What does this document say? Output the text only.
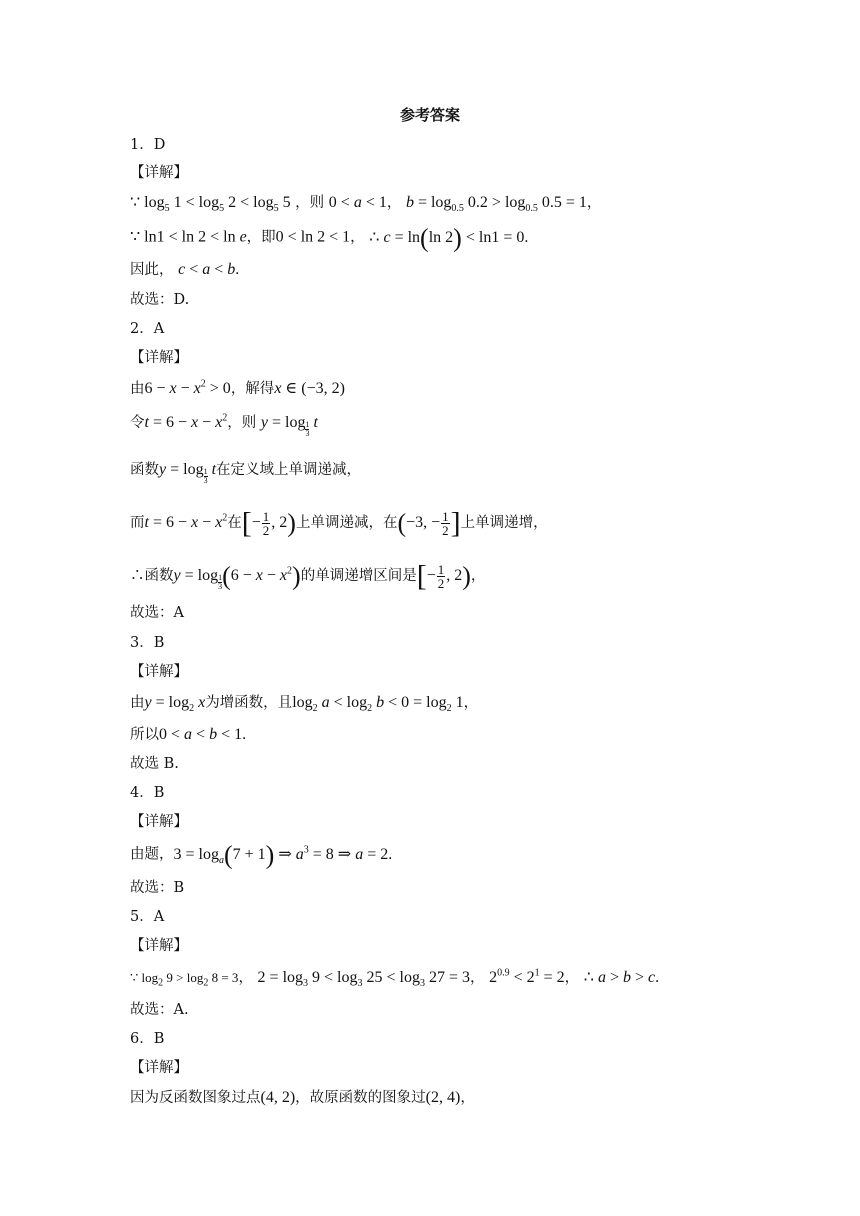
参考答案
1．D
【详解】
∵ $\log_5 1 < \log_5 2 < \log_5 5$ ，则 0 < a < 1， $b = \log_{0.5} 0.2 > \log_{0.5} 0.5 = 1$，
∵ ln1 < ln 2 < ln e，即0 < ln 2 < 1， ∴ c = ln(ln 2) < ln1 = 0.
因此， c < a < b.
故选：D.
2．A
【详解】
由$6 - x - x^2 > 0$，解得x ∈ (−3, 2)
令$t = 6 - x - x^2$，则 $y = \log \frac{1}{3}$ t
函数$y = \log \frac{1}{3}$ t在定义域上单调递减，
而$t = 6 - x - x^2$在[− $\frac{1}{2}$ , 2)上单调递减，在(−3, − $\frac{1}{2}$ ]上单调递增，
∴函数$y = \log \frac{1}{3} (6 - x - x^2)$的单调递增区间是[− $\frac{1}{2}$ , 2)，
故选：A
3．B
【详解】
由$y = \log_2 x$为增函数，且$\log_2 a < \log_2 b < 0 = \log_2 1$，
所以0 < a < b < 1.
故选 B.
4．B
【详解】
由题，$3 = \log_a(7 + 1)$ ⇒ $a^3 = 8$ ⇒ a = 2.
故选：B
5．A
【详解】
∵ $\log_2 9 > \log_2 8 = 3$， $2 = \log_3 9 < \log_3 25 < \log_3 27 = 3$， $2^{0.9} < 2^1 = 2$， ∴ a > b > c.
故选：A.
6．B
【详解】
因为反函数图象过点(4, 2)，故原函数的图象过(2, 4)，
